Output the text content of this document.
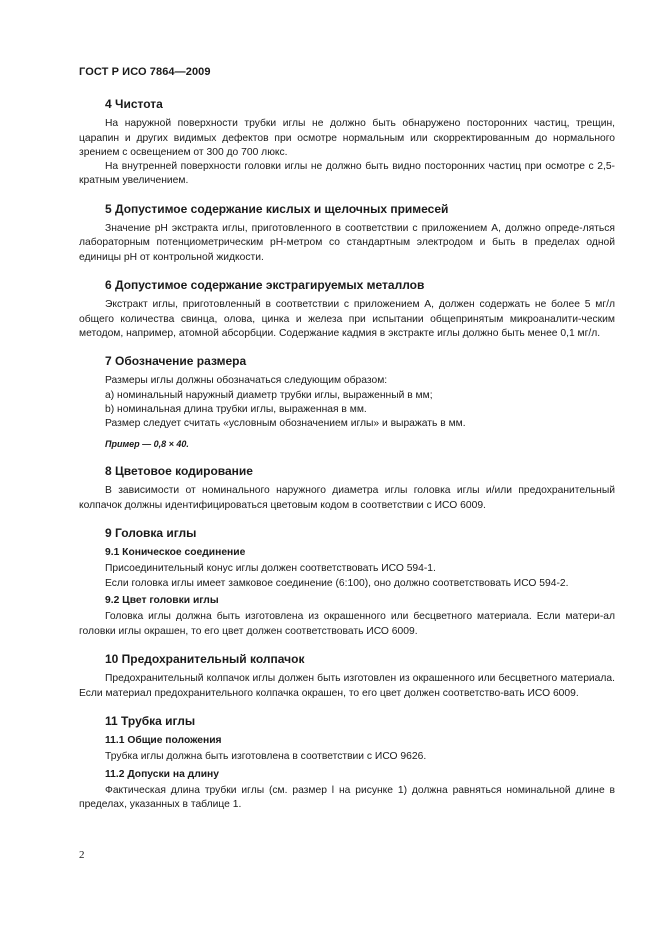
ГОСТ Р ИСО 7864—2009
4 Чистота

На наружной поверхности трубки иглы не должно быть обнаружено посторонних частиц, трещин, царапин и других видимых дефектов при осмотре нормальным или скорректированным до нормального зрением с освещением от 300 до 700 люкс.

На внутренней поверхности головки иглы не должно быть видно посторонних частиц при осмотре с 2,5-кратным увеличением.

5 Допустимое содержание кислых и щелочных примесей

Значение pH экстракта иглы, приготовленного в соответствии с приложением А, должно опреде-ляться лабораторным потенциометрическим pH-метром со стандартным электродом и быть в пределах одной единицы pH от контрольной жидкости.

6 Допустимое содержание экстрагируемых металлов

Экстракт иглы, приготовленный в соответствии с приложением А, должен содержать не более 5 мг/л общего количества свинца, олова, цинка и железа при испытании общепринятым микроаналити-ческим методом, например, атомной абсорбции. Содержание кадмия в экстракте иглы должно быть менее 0,1 мг/л.

7 Обозначение размера

Размеры иглы должны обозначаться следующим образом:

а) номинальный наружный диаметр трубки иглы, выраженный в мм;

b) номинальная длина трубки иглы, выраженная в мм.

Размер следует считать «условным обозначением иглы» и выражать в мм.

Пример — 0,8 × 40.
8 Цветовое кодирование

В зависимости от номинального наружного диаметра иглы головка иглы и/или предохранительный колпачок должны идентифицироваться цветовым кодом в соответствии с ИСО 6009.

9 Головка иглы
9.1 Коническое соединение

Присоединительный конус иглы должен соответствовать ИСО 594-1.

Если головка иглы имеет замковое соединение (6:100), оно должно соответствовать ИСО 594-2.

9.2 Цвет головки иглы

Головка иглы должна быть изготовлена из окрашенного или бесцветного материала. Если матери-ал головки иглы окрашен, то его цвет должен соответствовать ИСО 6009.

10 Предохранительный колпачок

Предохранительный колпачок иглы должен быть изготовлен из окрашенного или бесцветного материала. Если материал предохранительного колпачка окрашен, то его цвет должен соответство-вать ИСО 6009.

11 Трубка иглы
11.1 Общие положения

Трубка иглы должна быть изготовлена в соответствии с ИСО 9626.

11.2 Допуски на длину

Фактическая длина трубки иглы (см. размер l на рисунке 1) должна равняться номинальной длине в пределах, указанных в таблице 1.

2
